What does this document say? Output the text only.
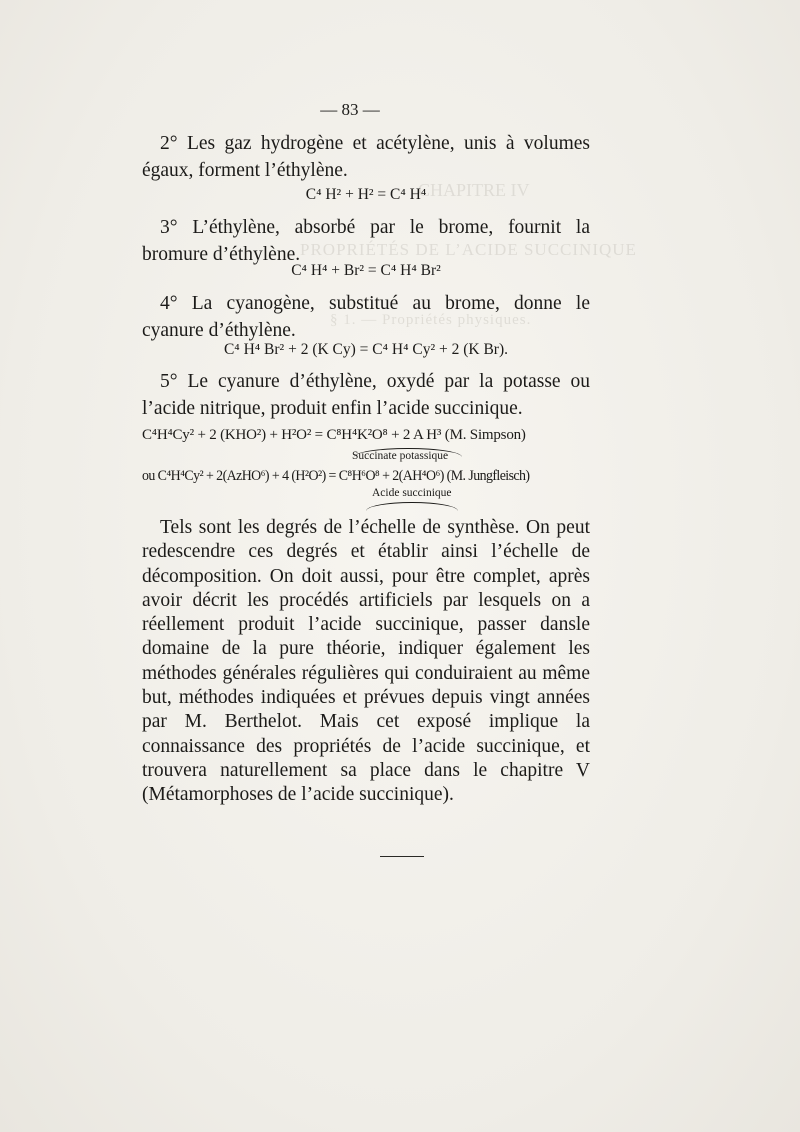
CHAPITRE IV
PROPRIÉTÉS DE L’ACIDE SUCCINIQUE
§ 1. — Propriétés physiques.
— 83 —
2° Les gaz hydrogène et acétylène, unis à volumes égaux, forment l’éthylène.
C⁴ H² + H² = C⁴ H⁴
3° L’éthylène, absorbé par le brome, fournit la bromure d’éthylène.
C⁴ H⁴ + Br² = C⁴ H⁴ Br²
4° La cyanogène, substitué au brome, donne le cyanure d’éthylène.
C⁴ H⁴ Br² + 2 (K Cy) = C⁴ H⁴ Cy² + 2 (K Br).
5° Le cyanure d’éthylène, oxydé par la potasse ou l’acide nitrique, produit enfin l’acide succinique.
C⁴H⁴Cy² + 2 (KHO²) + H²O² = C⁸H⁴K²O⁸ + 2 A H³ (M. Simpson)
Succinate potassique
ou C⁴H⁴Cy² + 2(AzHO⁶) + 4 (H²O²) = C⁸H⁶O⁸ + 2(AH⁴O⁶) (M. Jungfleisch)
Acide succinique
Tels sont les degrés de l’échelle de synthèse. On peut redescendre ces degrés et établir ainsi l’échelle de décomposition. On doit aussi, pour être complet, après avoir décrit les procédés artificiels par lesquels on a réellement produit l’acide succinique, passer dansle domaine de la pure théorie, indiquer également les méthodes générales régulières qui conduiraient au même but, méthodes indiquées et prévues depuis vingt années par M. Berthelot. Mais cet exposé implique la connaissance des propriétés de l’acide succinique, et trouvera naturellement sa place dans le chapitre V (Métamorphoses de l’acide succinique).
